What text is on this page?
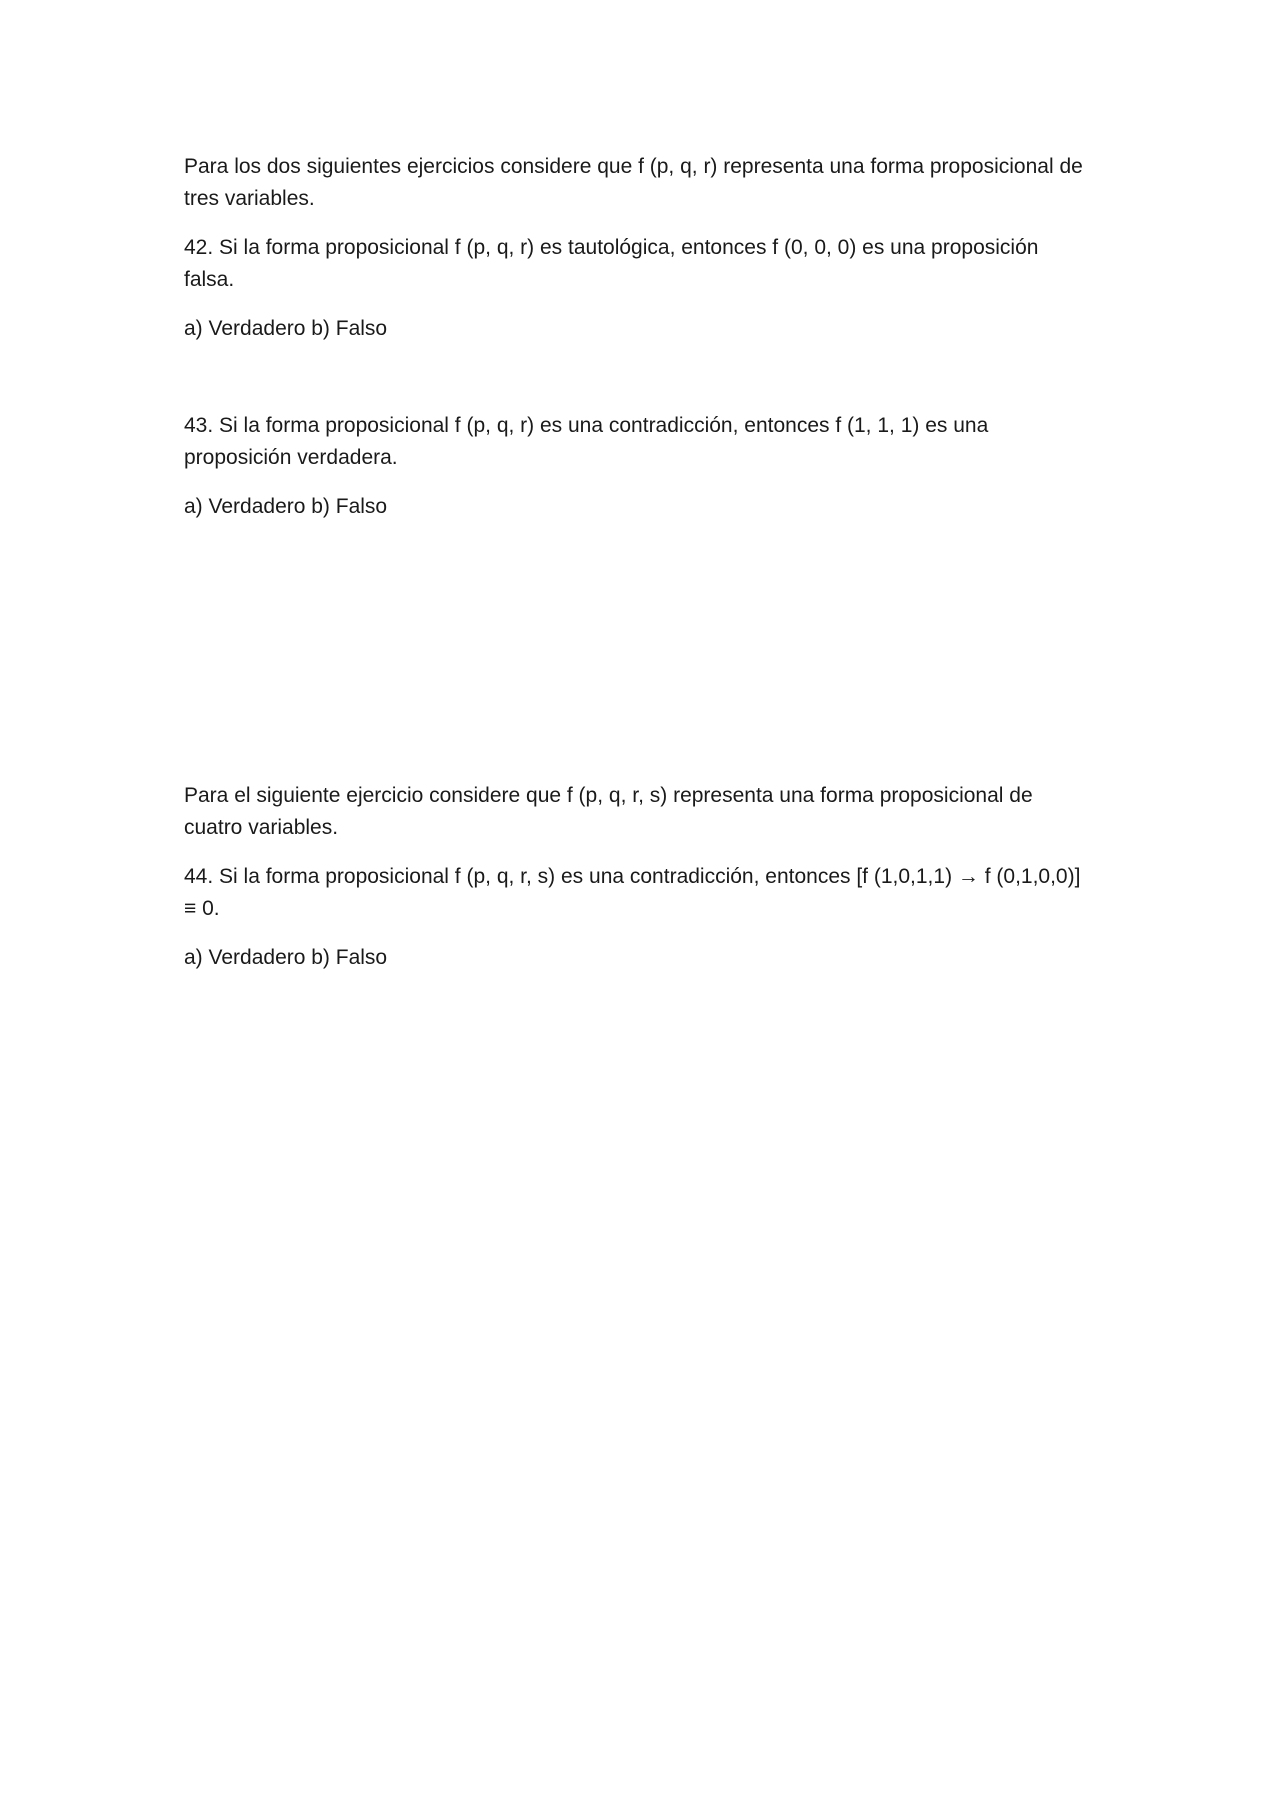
Para los dos siguientes ejercicios considere que f (p, q, r) representa una forma proposicional de tres variables.

42. Si la forma proposicional f (p, q, r) es tautológica, entonces f (0, 0, 0) es una proposición falsa.

a) Verdadero b) Falso

43. Si la forma proposicional f (p, q, r) es una contradicción, entonces f (1, 1, 1) es una proposición verdadera.

a) Verdadero b) Falso

Para el siguiente ejercicio considere que f (p, q, r, s) representa una forma proposicional de cuatro variables.

44. Si la forma proposicional f (p, q, r, s) es una contradicción, entonces [f (1,0,1,1) → f (0,1,0,0)] ≡ 0.

a) Verdadero b) Falso
